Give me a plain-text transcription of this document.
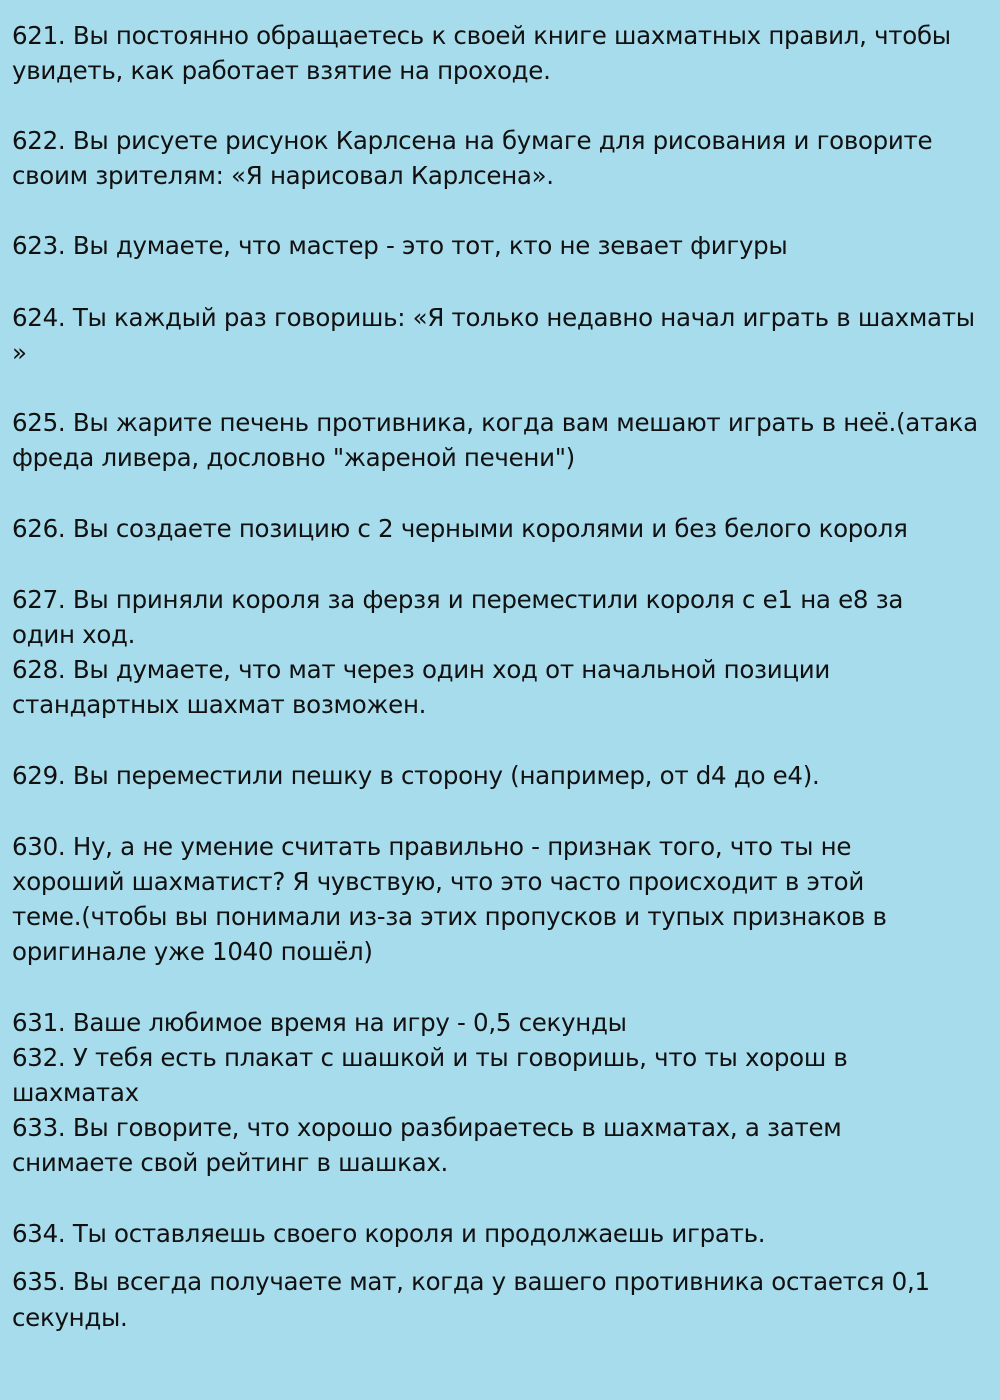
621. Вы постоянно обращаетесь к своей книге шахматных правил, чтобы
увидеть, как работает взятие на проходе.
622. Вы рисуете рисунок Карлсена на бумаге для рисования и говорите
своим зрителям: «Я нарисовал Карлсена».
623. Вы думаете, что мастер - это тот, кто не зевает фигуры
624. Ты каждый раз говоришь: «Я только недавно начал играть в шахматы
»
625. Вы жарите печень противника, когда вам мешают играть в неё.(атака
фреда ливера, дословно "жареной печени")
626. Вы создаете позицию с 2 черными королями и без белого короля
627. Вы приняли короля за ферзя и переместили короля с е1 на е8 за
один ход.
628. Вы думаете, что мат через один ход от начальной позиции
стандартных шахмат возможен.
629. Вы переместили пешку в сторону (например, от d4 до е4).
630. Ну, а не умение считать правильно - признак того, что ты не
хороший шахматист? Я чувствую, что это часто происходит в этой
теме.(чтобы вы понимали из-за этих пропусков и тупых признаков в
оригинале уже 1040 пошёл)
631. Ваше любимое время на игру - 0,5 секунды
632. У тебя есть плакат с шашкой и ты говоришь, что ты хорош в
шахматах
633. Вы говорите, что хорошо разбираетесь в шахматах, а затем
снимаете свой рейтинг в шашках.
634. Ты оставляешь своего короля и продолжаешь играть.
635. Вы всегда получаете мат, когда у вашего противника остается 0,1
секунды.
